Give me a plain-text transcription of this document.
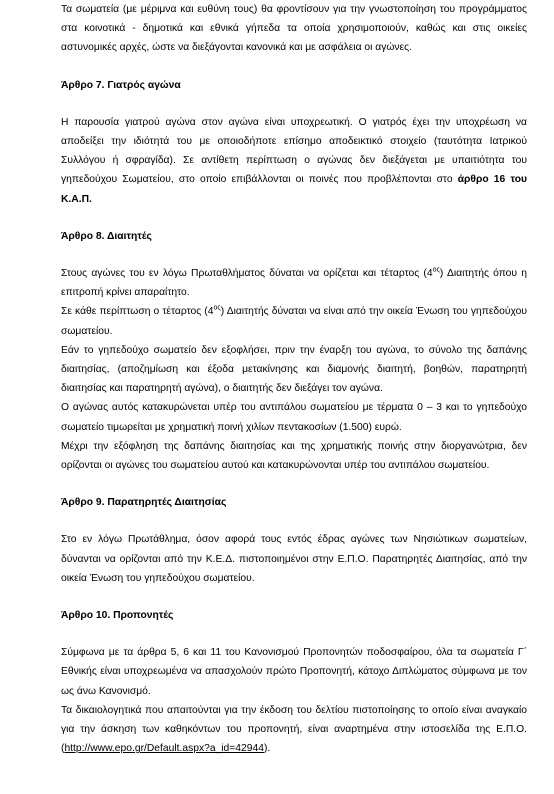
Τα σωματεία (με μέριμνα και ευθύνη τους) θα φροντίσουν για την γνωστοποίηση του προγράμματος στα κοινοτικά - δημοτικά και εθνικά γήπεδα τα οποία χρησιμοποιούν, καθώς και στις οικείες αστυνομικές αρχές, ώστε να διεξάγονται κανονικά και με ασφάλεια οι αγώνες.

Άρθρο 7. Γιατρός αγώνα

Η παρουσία γιατρού αγώνα στον αγώνα είναι υποχρεωτική. Ο γιατρός έχει την υποχρέωση να αποδείξει την ιδιότητά του με οποιοδήποτε επίσημο αποδεικτικό στοιχείο (ταυτότητα Ιατρικού Συλλόγου ή σφραγίδα). Σε αντίθετη περίπτωση ο αγώνας δεν διεξάγεται με υπαιτιότητα του γηπεδούχου Σωματείου, στο οποίο επιβάλλονται οι ποινές που προβλέπονται στο άρθρο 16 του Κ.Α.Π.

Άρθρο 8. Διαιτητές

Στους αγώνες του εν λόγω Πρωταθλήματος δύναται να ορίζεται και τέταρτος $(4^{o\varsigma})$ Διαιτητής όπου η επιτροπή κρίνει απαραίτητο.

Σε κάθε περίπτωση ο τέταρτος $(4^{o\varsigma})$ Διαιτητής δύναται να είναι από την οικεία Ένωση του γηπεδούχου σωματείου.

Εάν το γηπεδούχο σωματείο δεν εξοφλήσει, πριν την έναρξη του αγώνα, το σύνολο της δαπάνης διαιτησίας, (αποζημίωση και έξοδα μετακίνησης και διαμονής διαιτητή, βοηθών, παρατηρητή διαιτησίας και παρατηρητή αγώνα), ο διαιτητής δεν διεξάγει τον αγώνα.

Ο αγώνας αυτός κατακυρώνεται υπέρ του αντιπάλου σωματείου με τέρματα 0 – 3 και το γηπεδούχο σωματείο τιμωρείται με χρηματική ποινή χιλίων πεντακοσίων (1.500) ευρώ.

Μέχρι την εξόφληση της δαπάνης διαιτησίας και της χρηματικής ποινής στην διοργανώτρια, δεν ορίζονται οι αγώνες του σωματείου αυτού και κατακυρώνονται υπέρ του αντιπάλου σωματείου.

Άρθρο 9. Παρατηρητές Διαιτησίας

Στο εν λόγω Πρωτάθλημα, όσον αφορά τους εντός έδρας αγώνες των Νησιώτικων σωματείων, δύνανται να ορίζονται από την Κ.Ε.Δ. πιστοποιημένοι στην Ε.Π.Ο. Παρατηρητές Διαιτησίας, από την οικεία Ένωση του γηπεδούχου σωματείου.

Άρθρο 10. Προπονητές

Σύμφωνα με τα άρθρα 5, 6 και 11 του Κανονισμού Προπονητών ποδοσφαίρου, όλα τα σωματεία Γ΄ Εθνικής είναι υποχρεωμένα να απασχολούν πρώτο Προπονητή, κάτοχο Διπλώματος σύμφωνα με τον ως άνω Κανονισμό.

Τα δικαιολογητικά που απαιτούνται για την έκδοση του δελτίου πιστοποίησης το οποίο είναι αναγκαίο για την άσκηση των καθηκόντων του προπονητή, είναι αναρτημένα στην ιστοσελίδα της Ε.Π.Ο. (http://www.epo.gr/Default.aspx?a_id=42944).
